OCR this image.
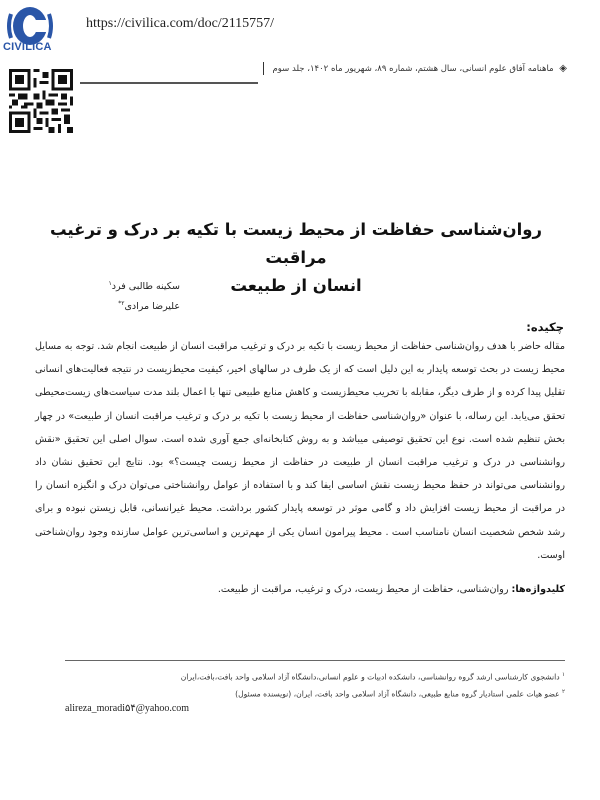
CIVILICA
https://civilica.com/doc/2115757/
◈ ماهنامه آفاق علوم انسانی، سال هشتم، شماره ۸۹، شهریور ماه ۱۴۰۲، جلد سوم
روان‌شناسی حفاظت از محیط زیست با تکیه بر درک و ترغیب مراقبت
انسان از طبیعت
سکینه طالبی فرد$^۱$
علیرضا مرادی$^{۲*}$
چکیده:
مقاله حاضر با هدف روان‌شناسی حفاظت از محیط زیست با تکیه بر درک و ترغیب مراقبت انسان از طبیعت انجام شد. توجه به مسایل محیط زیست در بحث توسعه پایدار به این دلیل است که از یک طرف در سالهای اخیر، کیفیت محیط‌زیست در نتیجه فعالیت‌های انسانی تقلیل پیدا کرده و از طرف دیگر، مقابله با تخریب محیط‌زیست و کاهش منابع طبیعی تنها با اعمال بلند مدت سیاست‌های زیست‌محیطی تحقق می‌یابد. این رساله، با عنوان «روان‌شناسی حفاظت از محیط زیست با تکیه بر درک و ترغیب مراقبت انسان از طبیعت» در چهار بخش تنظیم شده است. نوع این تحقیق توصیفی میباشد و به روش کتابخانه‌ای جمع آوری شده است. سوال اصلی این تحقیق «نقش روانشناسی در درک و ترغیب مراقبت انسان از طبیعت در حفاظت از محیط زیست چیست؟» بود. نتایج این تحقیق نشان داد روانشناسی می‌تواند در حفظ محیط زیست نقش اساسی ایفا کند و با استفاده از عوامل روانشناختی می‌توان درک و انگیزه انسان را در مراقبت از محیط زیست افزایش داد و گامی موثر در توسعه پایدار کشور برداشت. محیط غیرانسانی، قابل زیستن نبوده و برای رشد شخص شخصیت انسان نامناسب است . محیط پیرامون انسان یکی از مهم‌ترین و اساسی‌ترین عوامل سازنده وجود روان‌شناختی اوست.
کلیدواژه‌ها: روان‌شناسی، حفاظت از محیط زیست، درک و ترغیب، مراقبت از طبیعت.
$^۱$ دانشجوی کارشناسی ارشد گروه روانشناسی، دانشکده ادبیات و علوم انسانی،دانشگاه آزاد اسلامی واحد بافت،بافت،ایران
$^۲$ عضو هیات علمی استادیار گروه منابع طبیعی، دانشگاه آزاد اسلامی واحد بافت، ایران، (نویسنده مسئول)
alireza_moradi۵۴@yahoo.com
